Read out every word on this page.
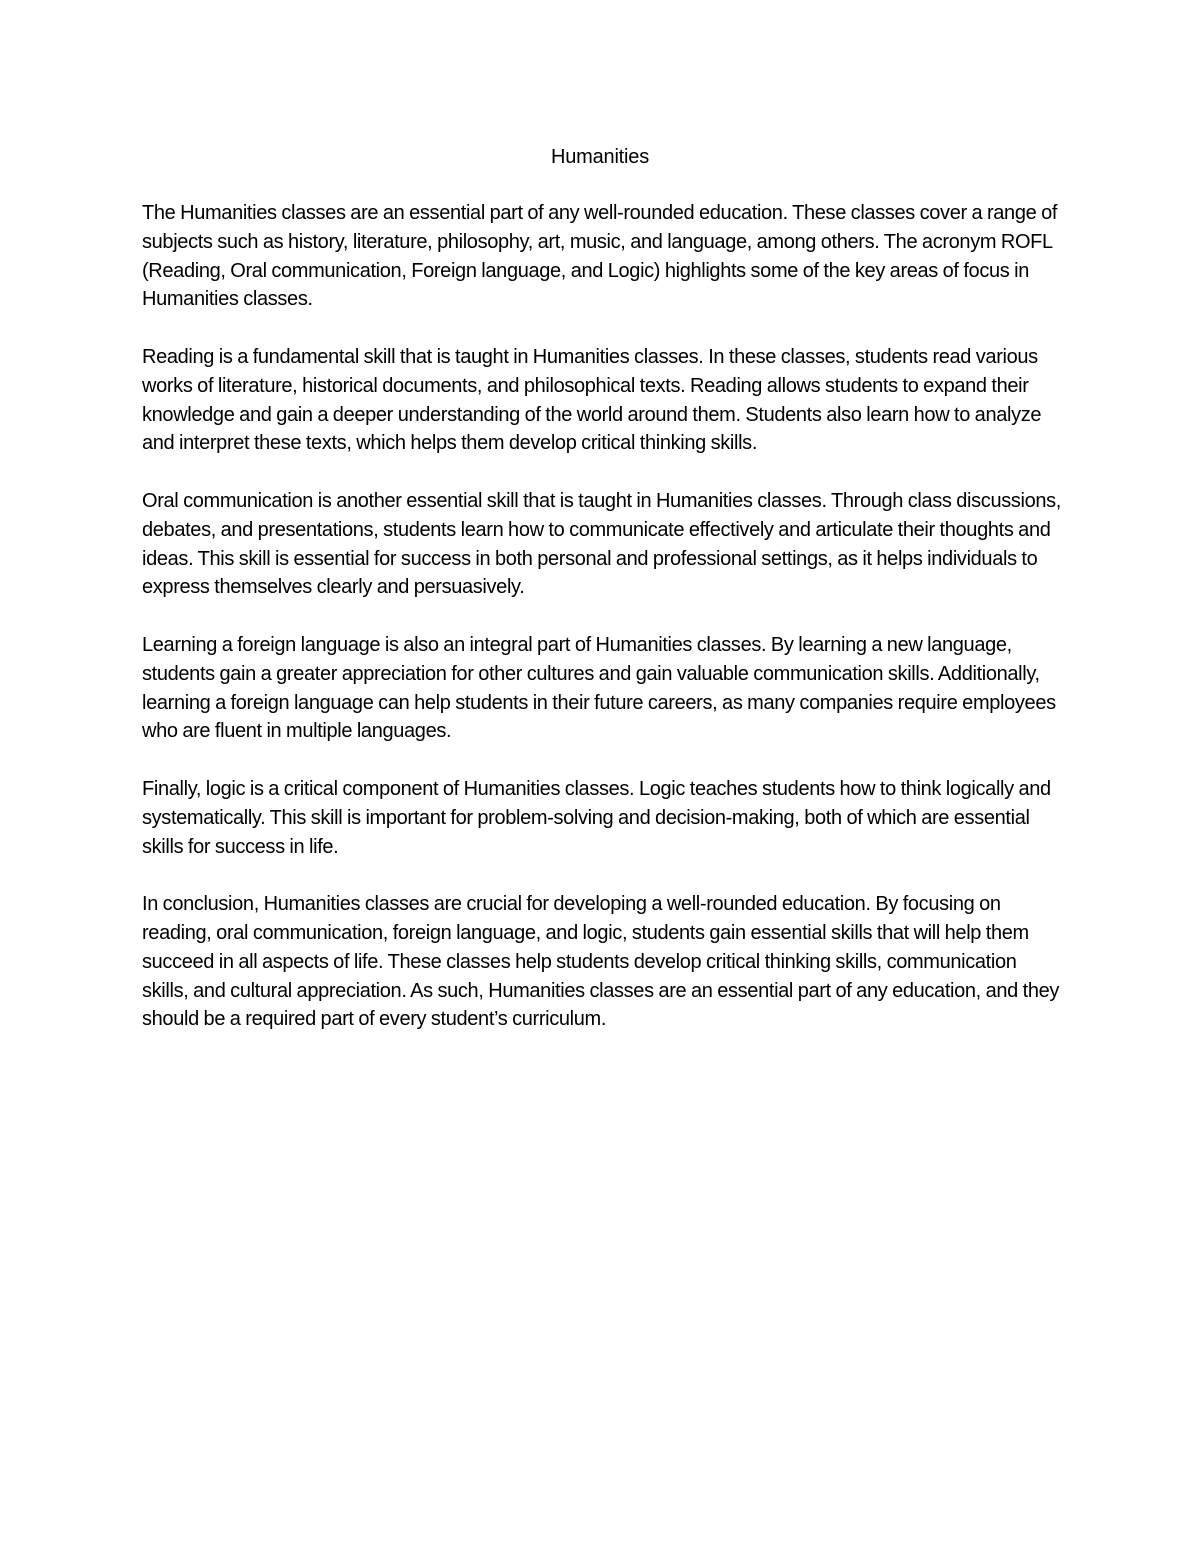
Humanities

The Humanities classes are an essential part of any well-rounded education. These classes cover a range of subjects such as history, literature, philosophy, art, music, and language, among others. The acronym ROFL (Reading, Oral communication, Foreign language, and Logic) highlights some of the key areas of focus in Humanities classes.

Reading is a fundamental skill that is taught in Humanities classes. In these classes, students read various works of literature, historical documents, and philosophical texts. Reading allows students to expand their knowledge and gain a deeper understanding of the world around them. Students also learn how to analyze and interpret these texts, which helps them develop critical thinking skills.

Oral communication is another essential skill that is taught in Humanities classes. Through class discussions, debates, and presentations, students learn how to communicate effectively and articulate their thoughts and ideas. This skill is essential for success in both personal and professional settings, as it helps individuals to express themselves clearly and persuasively.

Learning a foreign language is also an integral part of Humanities classes. By learning a new language, students gain a greater appreciation for other cultures and gain valuable communication skills. Additionally, learning a foreign language can help students in their future careers, as many companies require employees who are fluent in multiple languages.

Finally, logic is a critical component of Humanities classes. Logic teaches students how to think logically and systematically. This skill is important for problem-solving and decision-making, both of which are essential skills for success in life.

In conclusion, Humanities classes are crucial for developing a well-rounded education. By focusing on reading, oral communication, foreign language, and logic, students gain essential skills that will help them succeed in all aspects of life. These classes help students develop critical thinking skills, communication skills, and cultural appreciation. As such, Humanities classes are an essential part of any education, and they should be a required part of every student’s curriculum.
